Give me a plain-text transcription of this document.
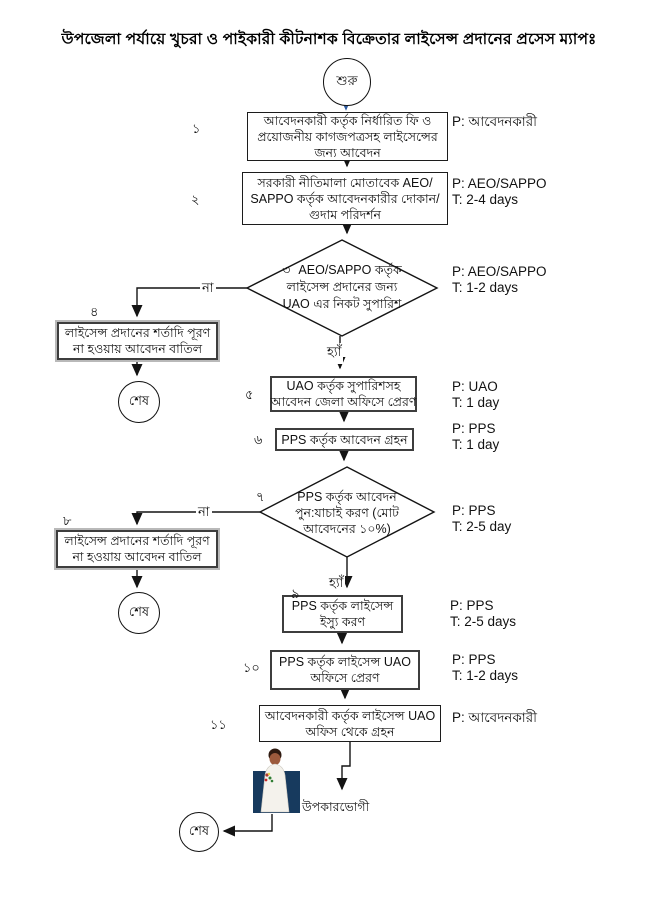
উপজেলা পর্যায়ে খুচরা ও পাইকারী কীটনাশক বিক্রেতার লাইসেন্স প্রদানের প্রসেস ম্যাপঃ
শুরু
শেষ
শেষ
শেষ
১
আবেদনকারী কর্তৃক নির্ধারিত ফি ও
প্রয়োজনীয় কাগজপত্রসহ লাইসেন্সের
জন্য আবেদন
P: আবেদনকারী
২
সরকারী নীতিমালা মোতাবেক AEO/
SAPPO কর্তৃক আবেদনকারীর দোকান/
গুদাম পরিদর্শন
P: AEO/SAPPO
T: 2-4 days
৩ AEO/SAPPO কর্তৃক
লাইসেন্স প্রদানের জন্য
UAO এর নিকট সুপারিশ
P: AEO/SAPPO
T: 1-2 days
না
হ্যাঁ
৪
লাইসেন্স প্রদানের শর্তাদি পূরণ
না হওয়ায় আবেদন বাতিল
৫
UAO কর্তৃক সুপারিশসহ
আবেদন জেলা অফিসে প্রেরণ
P: UAO
T: 1 day
৬ PPS কর্তৃক আবেদন গ্রহন
P: PPS
T: 1 day
৭	PPS কর্তৃক আবেদন
পুন:যাচাই করণ (মোট
আবেদনের ১০%)
P: PPS
T: 2-5 day
না
হ্যাঁ
৮
লাইসেন্স প্রদানের শর্তাদি পূরণ
না হওয়ায় আবেদন বাতিল
৯
PPS কর্তৃক লাইসেন্স
ইস্যু করণ
P: PPS
T: 2-5 days
১০ PPS কর্তৃক লাইসেন্স UAO
অফিসে প্রেরণ
P: PPS
T: 1-2 days
১১
আবেদনকারী কর্তৃক লাইসেন্স UAO
অফিস থেকে গ্রহন
P: আবেদনকারী
উপকারভোগী
